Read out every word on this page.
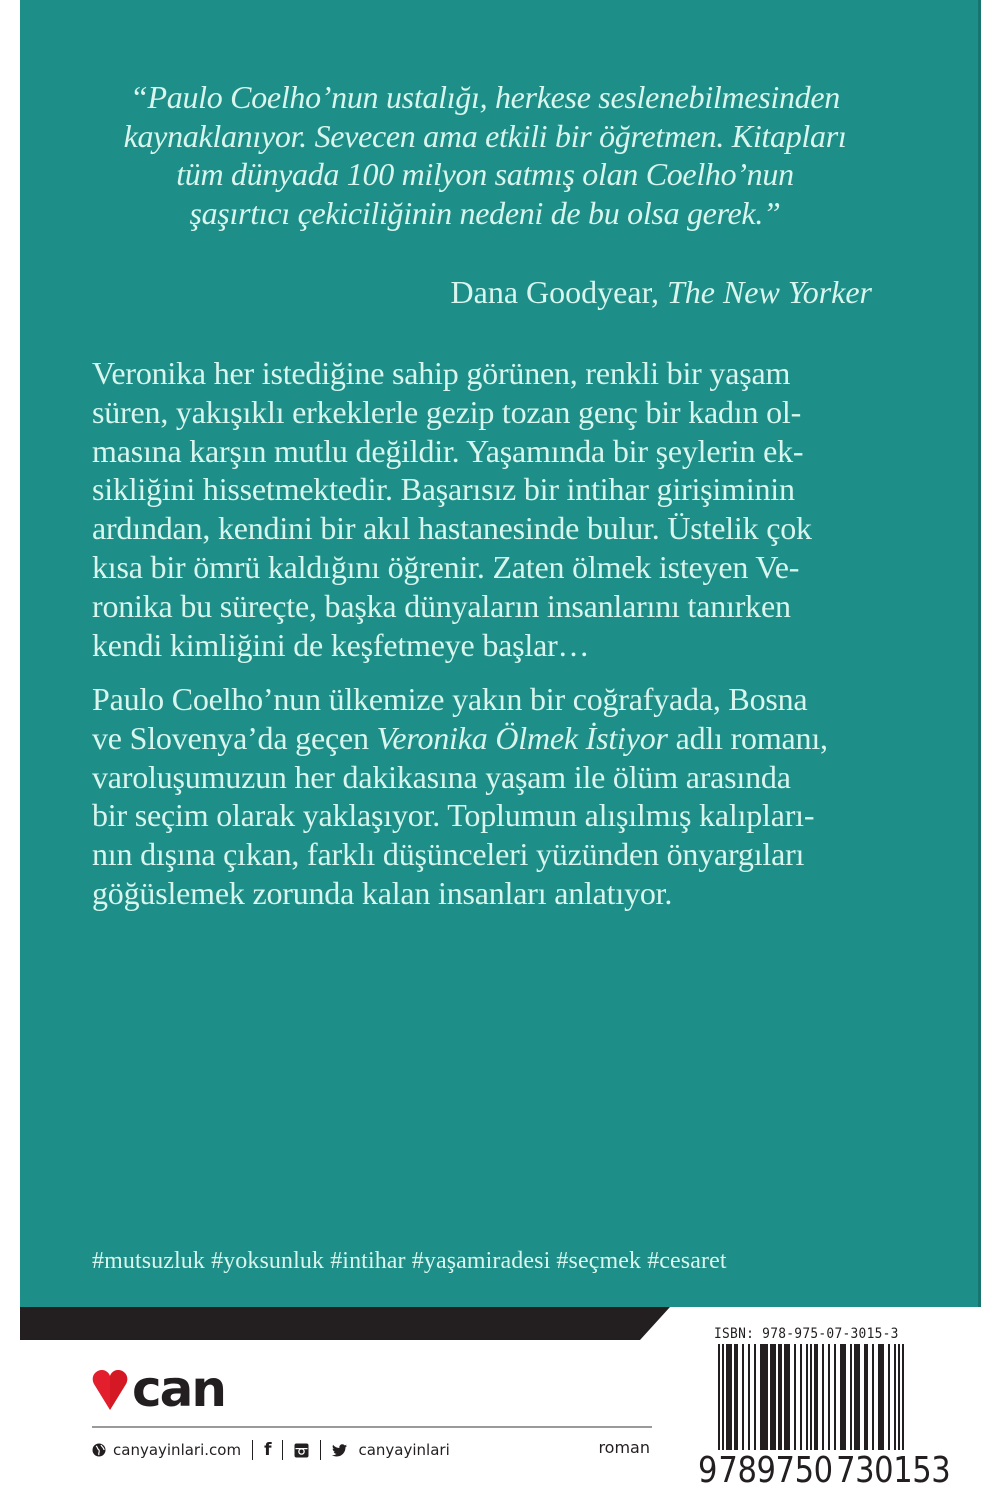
“Paulo Coelho’nun ustalığı, herkese seslenebilmesinden
kaynaklanıyor. Sevecen ama etkili bir öğretmen. Kitapları
tüm dünyada 100 milyon satmış olan Coelho’nun
şaşırtıcı çekiciliğinin nedeni de bu olsa gerek.”
Dana Goodyear, The New Yorker
Veronika her istediğine sahip görünen, renkli bir yaşam
süren, yakışıklı erkeklerle gezip tozan genç bir kadın ol-
masına karşın mutlu değildir. Yaşamında bir şeylerin ek-
sikliğini hissetmektedir. Başarısız bir intihar girişiminin
ardından, kendini bir akıl hastanesinde bulur. Üstelik çok
kısa bir ömrü kaldığını öğrenir. Zaten ölmek isteyen Ve-
ronika bu süreçte, başka dünyaların insanlarını tanırken
kendi kimliğini de keşfetmeye başlar…
Paulo Coelho’nun ülkemize yakın bir coğrafyada, Bosna
ve Slovenya’da geçen Veronika Ölmek İstiyor adlı romanı,
varoluşumuzun her dakikasına yaşam ile ölüm arasında
bir seçim olarak yaklaşıyor. Toplumun alışılmış kalıpları-
nın dışına çıkan, farklı düşünceleri yüzünden önyargıları
göğüslemek zorunda kalan insanları anlatıyor.
#mutsuzluk #yoksunluk #intihar #yaşamiradesi #seçmek #cesaret
can
canyayinlari.com f	canyayinlari	roman
ISBN: 978-975-07-3015-3
9789750730153
